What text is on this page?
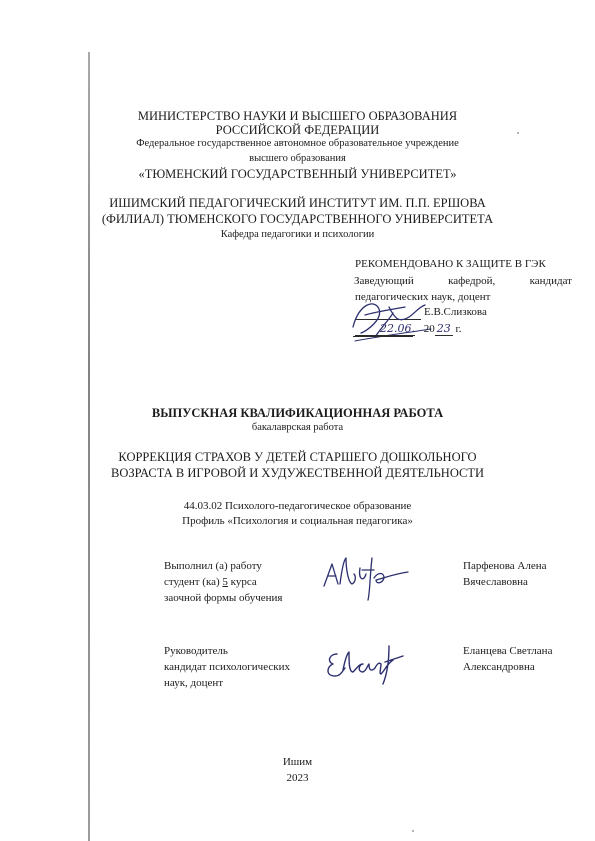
МИНИСТЕРСТВО НАУКИ И ВЫСШЕГО ОБРАЗОВАНИЯ
РОССИЙСКОЙ ФЕДЕРАЦИИ
Федеральное государственное автономное образовательное учреждение
высшего образования
«ТЮМЕНСКИЙ ГОСУДАРСТВЕННЫЙ УНИВЕРСИТЕТ»
ИШИМСКИЙ ПЕДАГОГИЧЕСКИЙ ИНСТИТУТ ИМ. П.П. ЕРШОВА
(ФИЛИАЛ) ТЮМЕНСКОГО ГОСУДАРСТВЕННОГО УНИВЕРСИТЕТА
Кафедра педагогики и психологии
РЕКОМЕНДОВАНО К ЗАЩИТЕ В ГЭК
Заведующий	кафедрой,	кандидат
педагогических наук, доцент
Е.В.Слизкова
22.06. 20 23 г.
ВЫПУСКНАЯ КВАЛИФИКАЦИОННАЯ РАБОТА
бакалаврская работа
КОРРЕКЦИЯ СТРАХОВ У ДЕТЕЙ СТАРШЕГО ДОШКОЛЬНОГО
ВОЗРАСТА В ИГРОВОЙ И ХУДУЖЕСТВЕННОЙ ДЕЯТЕЛЬНОСТИ
44.03.02 Психолого-педагогическое образование
Профиль «Психология и социальная педагогика»
Выполнил (а) работу
студент (ка) 5 курса
заочной формы обучения
Парфенова Алена
Вячеславовна
Руководитель
кандидат психологических
наук, доцент
Еланцева Светлана
Александровна
Ишим
2023
